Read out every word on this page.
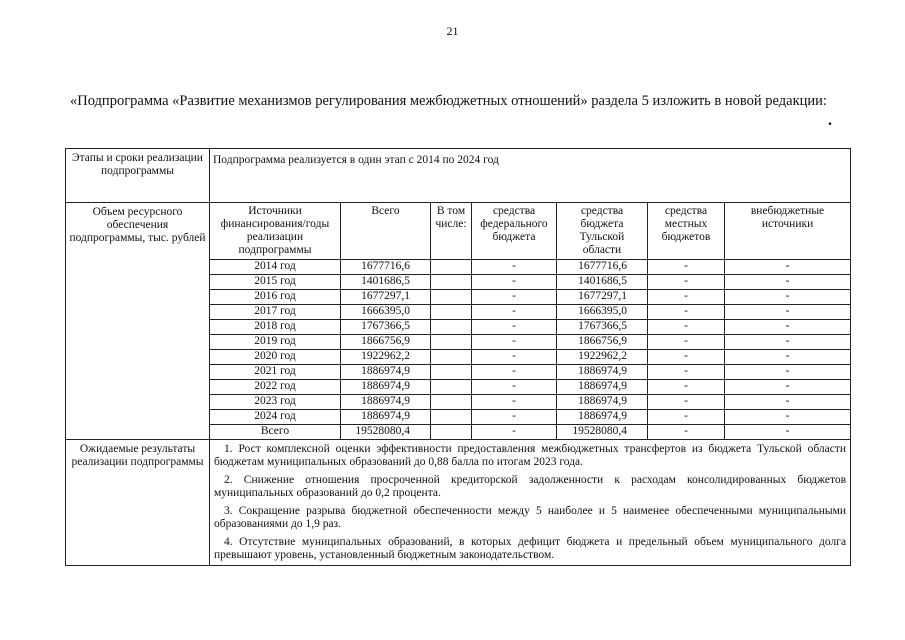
21
«Подпрограмма «Развитие механизмов регулирования межбюджетных отношений» раздела 5 изложить в новой редакции:
.
Этапы и сроки реализации подпрограммы	Подпрограмма реализуется в один этап с 2014 по 2024 год						
Объем ресурсного обеспечения подпрограммы, тыс. рублей	Источники финансирования/годы реализации подпрограммы	Всего	В том числе:	средства федерального бюджета	средства бюджета Тульской области	средства местных бюджетов	внебюджетные источники
	2014 год	1677716,6		-	1677716,6	-	-
	2015 год	1401686,5		-	1401686,5	-	-
	2016 год	1677297,1		-	1677297,1	-	-
	2017 год	1666395,0		-	1666395,0	-	-
	2018 год	1767366,5		-	1767366,5	-	-
	2019 год	1866756,9		-	1866756,9	-	-
	2020 год	1922962,2		-	1922962,2	-	-
	2021 год	1886974,9		-	1886974,9	-	-
	2022 год	1886974,9		-	1886974,9	-	-
	2023 год	1886974,9		-	1886974,9	-	-
	2024 год	1886974,9		-	1886974,9	-	-
	Всего	19528080,4		-	19528080,4	-	-
Ожидаемые результаты реализации подпрограммы	1. Рост комплексной оценки эффективности предоставления межбюджетных трансфертов из бюджета Тульской области бюджетам муниципальных образований до 0,88 балла по итогам 2023 года.

2. Снижение отношения просроченной кредиторской задолженности к расходам консолидированных бюджетов муниципальных образований до 0,2 процента.

3. Сокращение разрыва бюджетной обеспеченности между 5 наиболее и 5 наименее обеспеченными муниципальными образованиями до 1,9 раз.

4. Отсутствие муниципальных образований, в которых дефицит бюджета и предельный объем муниципального долга превышают уровень, установленный бюджетным законодательством.						
